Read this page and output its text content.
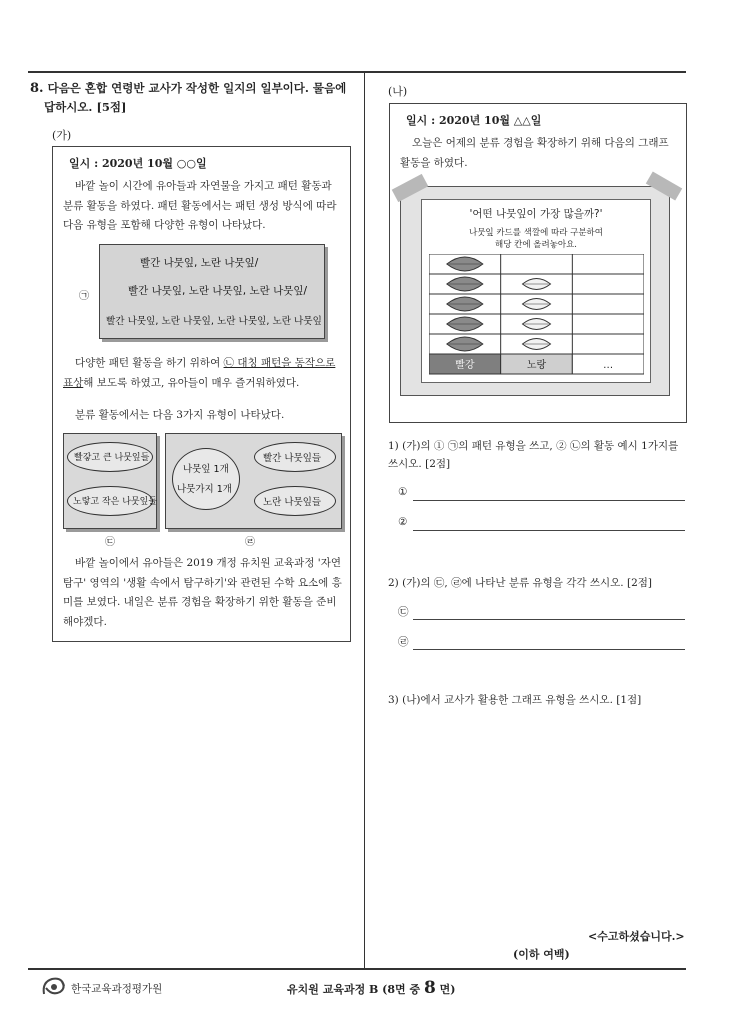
8. 다음은 혼합 연령반 교사가 작성한 일지의 일부이다. 물음에
답하시오. [5점]
(가)
일시 : 2020년 10월 ○○일

바깥 놀이 시간에 유아들과 자연물을 가지고 패턴 활동과 분류 활동을 하였다. 패턴 활동에서는 패턴 생성 방식에 따라 다음 유형을 포함해 다양한 유형이 나타났다.

㉠
빨간 나뭇잎, 노란 나뭇잎/
빨간 나뭇잎, 노란 나뭇잎, 노란 나뭇잎/
빨간 나뭇잎, 노란 나뭇잎, 노란 나뭇잎, 노란 나뭇잎
다양한 패턴 활동을 하기 위하여 ㉡ 대칭 패턴을 동작으로
표상해 보도록 하였고, 유아들이 매우 즐거워하였다.

분류 활동에서는 다음 3가지 유형이 나타났다.

빨갛고 큰 나뭇잎들
노랗고 작은 나뭇잎들
㉢
나뭇잎 1개
나뭇가지 1개
빨간 나뭇잎들
노란 나뭇잎들
㉣

바깥 놀이에서 유아들은 2019 개정 유치원 교육과정 '자연탐구' 영역의 '생활 속에서 탐구하기'와 관련된 수학 요소에 흥미를 보였다. 내일은 분류 경험을 확장하기 위한 활동을 준비해야겠다.

(나)
일시 : 2020년 10월 △△일

오늘은 어제의 분류 경험을 확장하기 위해 다음의 그래프 활동을 하였다.

'어떤 나뭇잎이 가장 많을까?'
나뭇잎 카드를 색깔에 따라 구분하여
해당 칸에 올려놓아요.
빨강	노랑	…
1) (가)의 ① ㉠의 패턴 유형을 쓰고, ② ㉡의 활동 예시 1가지를 쓰시오. [2점]
①
②
2) (가)의 ㉢, ㉣에 나타난 분류 유형을 각각 쓰시오. [2점]
㉢
㉣
3) (나)에서 교사가 활용한 그래프 유형을 쓰시오. [1점]
<수고하셨습니다.>
(이하 여백)
한국교육과정평가원	유치원 교육과정 B (8면 중 8 면)
